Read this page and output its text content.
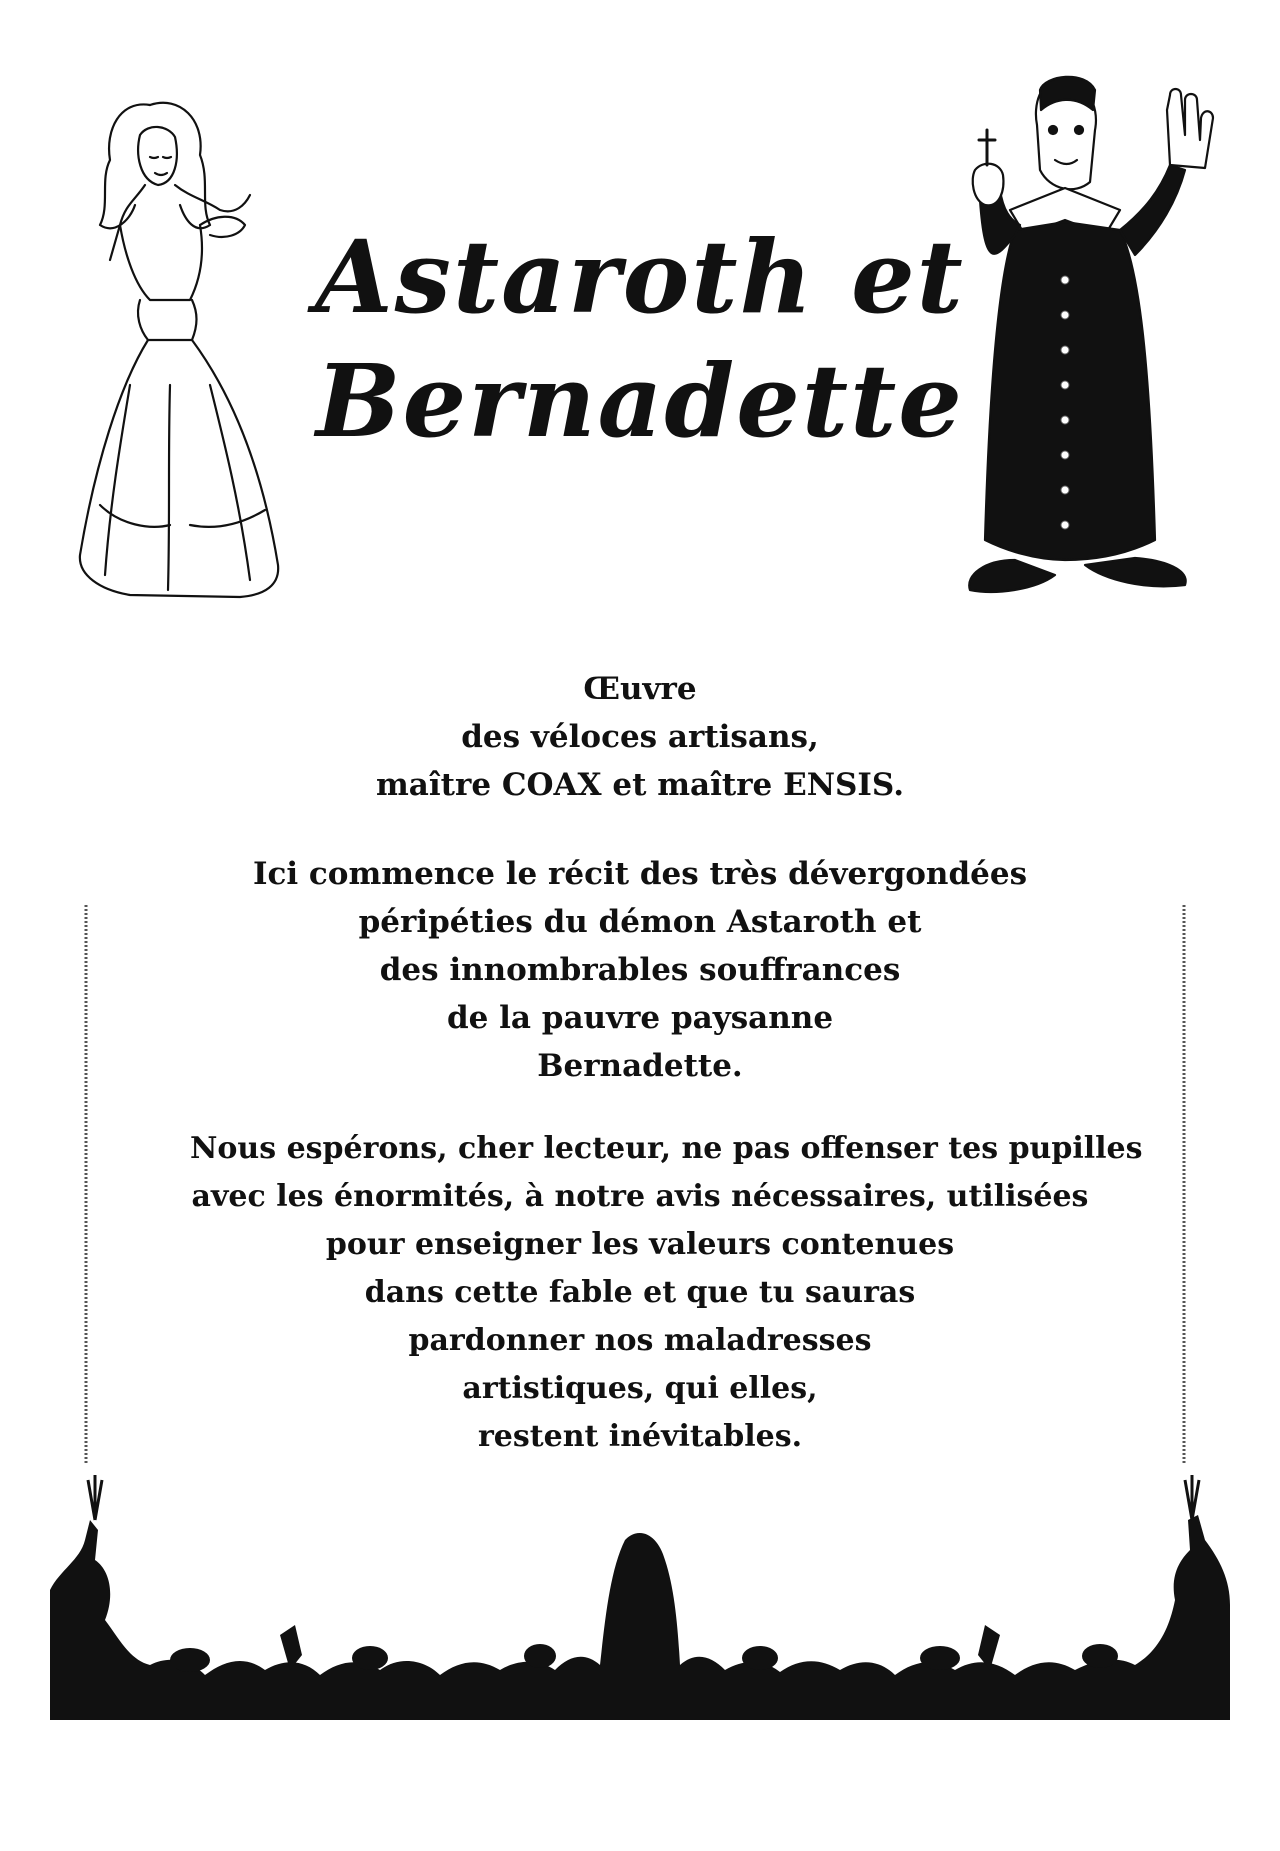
Astaroth et
Bernadette
Œuvre
des véloces artisans,
maître COAX et maître ENSIS.
Ici commence le récit des très dévergondées
péripéties du démon Astaroth et
des innombrables souffrances
de la pauvre paysanne
Bernadette.
Nous espérons, cher lecteur, ne pas offenser tes pupilles
avec les énormités, à notre avis nécessaires, utilisées
pour enseigner les valeurs contenues
dans cette fable et que tu sauras
pardonner nos maladresses
artistiques, qui elles,
restent inévitables.
